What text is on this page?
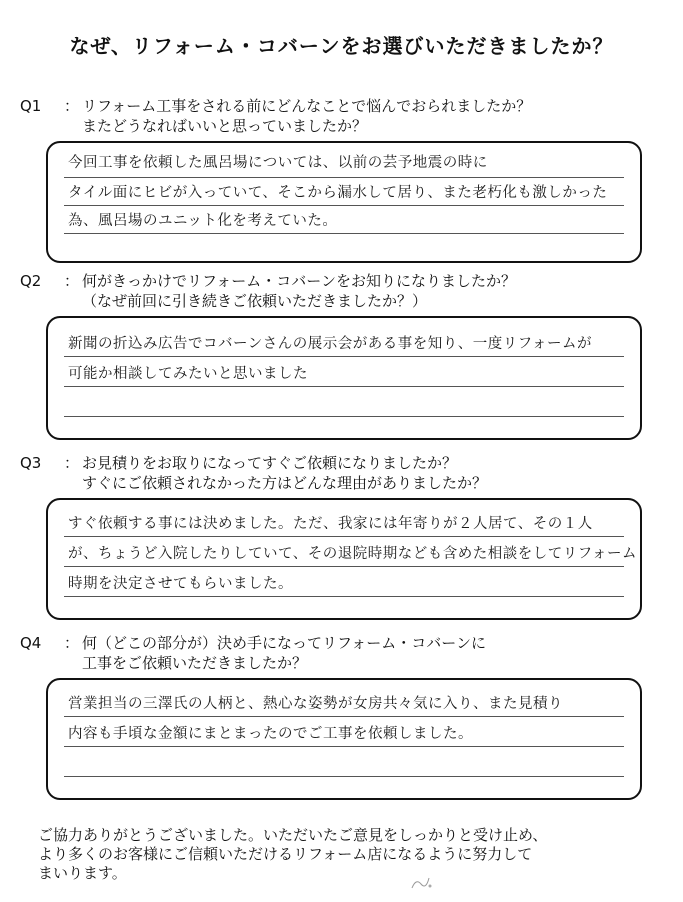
なぜ、リフォーム・コバーンをお選びいただきましたか？
Q1	： リフォーム工事をされる前にどんなことで悩んでおられましたか？
またどうなればいいと思っていましたか？
今回工事を依頼した風呂場については、以前の芸予地震の時に
タイル面にヒビが入っていて、そこから漏水して居り、また老朽化も激しかった
為、風呂場のユニット化を考えていた。
Q2	： 何がきっかけでリフォーム・コバーンをお知りになりましたか？
（なぜ前回に引き続きご依頼いただきましたか？）
新聞の折込み広告でコバーンさんの展示会がある事を知り、一度リフォームが
可能か相談してみたいと思いました
Q3	： お見積りをお取りになってすぐご依頼になりましたか？
すぐにご依頼されなかった方はどんな理由がありましたか？
すぐ依頼する事には決めました。ただ、我家には年寄りが２人居て、その１人
が、ちょうど入院したりしていて、その退院時期なども含めた相談をしてリフォーム
時期を決定させてもらいました。
Q4	： 何（どこの部分が）決め手になってリフォーム・コバーンに
工事をご依頼いただきましたか？
営業担当の三澤氏の人柄と、熱心な姿勢が女房共々気に入り、また見積り
内容も手頃な金額にまとまったのでご工事を依頼しました。
ご協力ありがとうございました。いただいたご意見をしっかりと受け止め、
より多くのお客様にご信頼いただけるリフォーム店になるように努力して
まいります。
